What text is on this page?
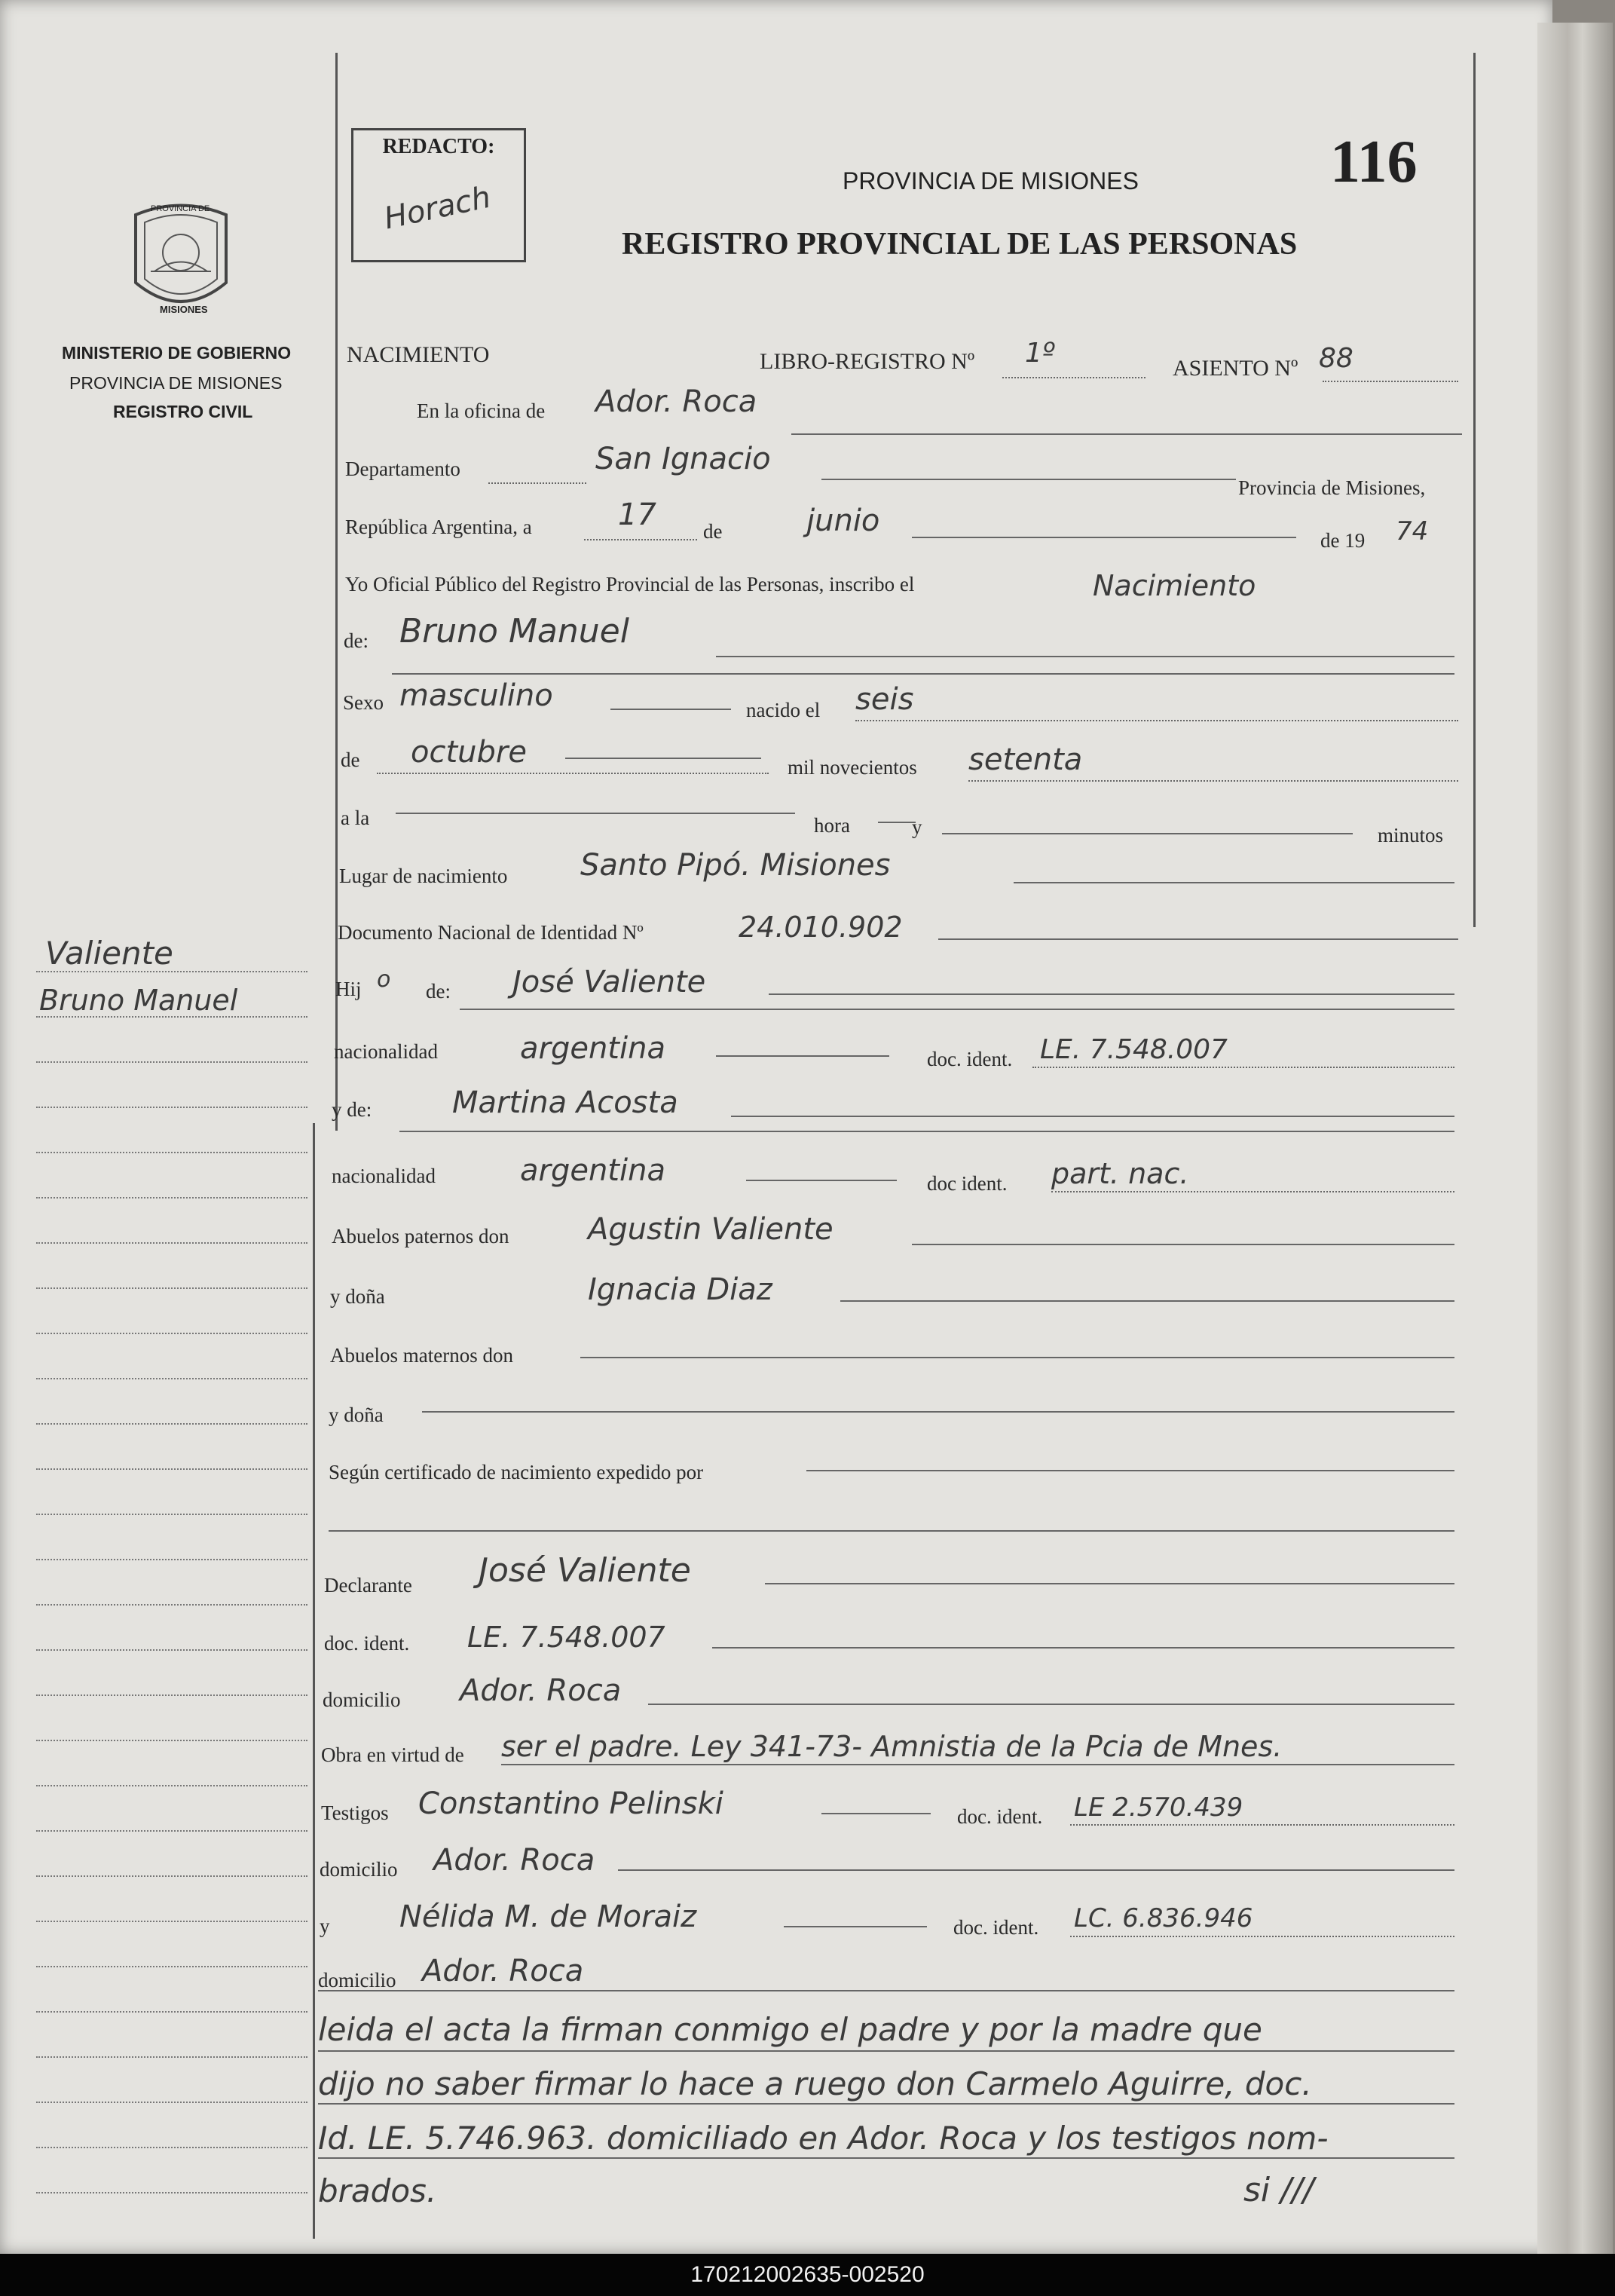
PROVINCIA DE
MISIONES
MINISTERIO DE GOBIERNO
PROVINCIA DE MISIONES
REGISTRO CIVIL
Valiente
Bruno Manuel
REDACTO:
Horach
116
PROVINCIA DE MISIONES
REGISTRO PROVINCIAL DE LAS PERSONAS
NACIMIENTO	LIBRO-REGISTRO Nº 1º	ASIENTO Nº 88
En la oficina de Ador. Roca
Departamento	San Ignacio
Provincia de Misiones,
República Argentina, a	17 de	junio
de 19 74
Yo Oficial Público del Registro Provincial de las Personas, inscribo el	Nacimiento
de: Bruno Manuel
Sexo masculino	nacido el seis
de octubre	mil novecientos setenta
a la	hora	y	minutos
Lugar de nacimiento Santo Pipó. Misiones
Documento Nacional de Identidad Nº	24.010.902
Hij o de: José Valiente
nacionalidad	argentina	doc. ident. LE. 7.548.007
y de:	Martina Acosta
nacionalidad	argentina	doc ident. part. nac.
Abuelos paternos don	Agustin Valiente
y doña	Ignacia Diaz
Abuelos maternos don
y doña
Según certificado de nacimiento expedido por
Declarante José Valiente
doc. ident. LE. 7.548.007
domicilio Ador. Roca
Obra en virtud de ser el padre. Ley 341-73- Amnistia de la Pcia de Mnes.
Testigos Constantino Pelinski	doc. ident. LE 2.570.439
domicilio Ador. Roca
y Nélida M. de Moraiz	doc. ident. LC. 6.836.946
domicilio Ador. Roca
leida el acta la firman conmigo el padre y por la madre que
dijo no saber firmar lo hace a ruego don Carmelo Aguirre, doc.
Id. LE. 5.746.963. domiciliado en Ador. Roca y los testigos nom-
brados.	si ///
170212002635-002520
